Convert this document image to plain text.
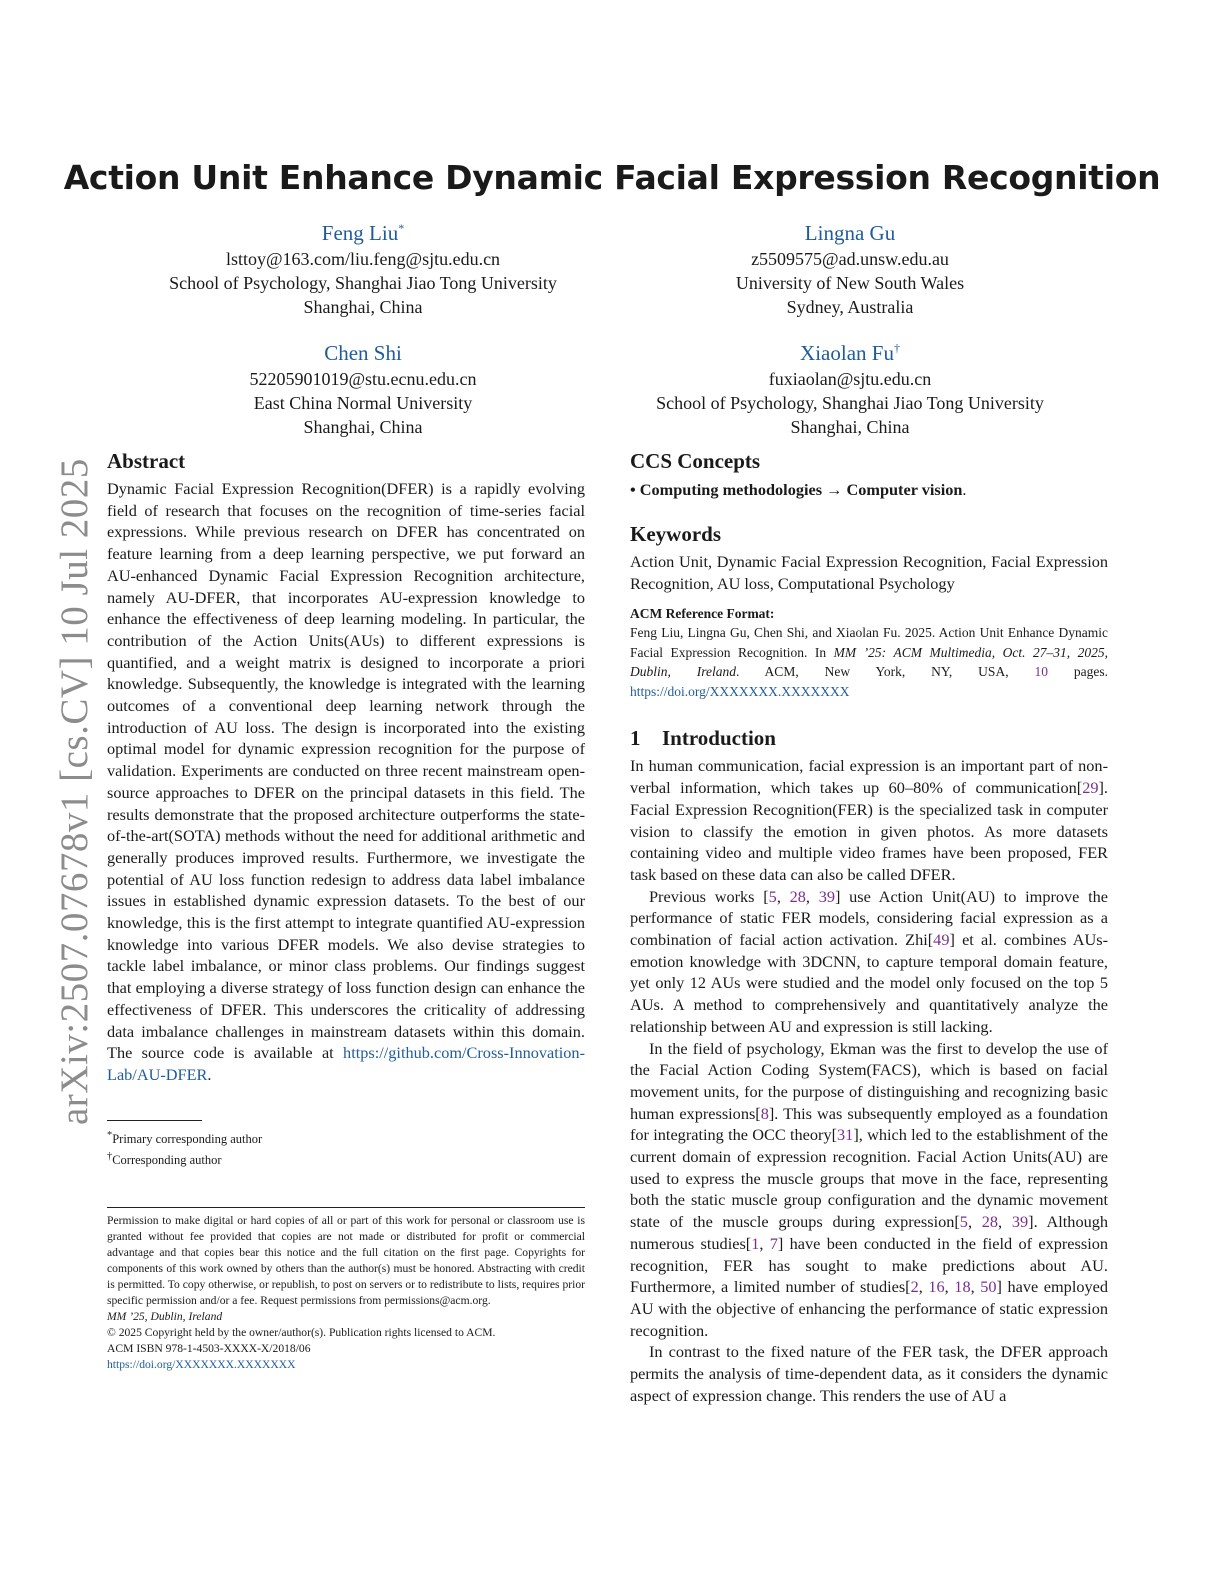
arXiv:2507.07678v1 [cs.CV] 10 Jul 2025
Action Unit Enhance Dynamic Facial Expression Recognition
Feng Liu*
lsttoy@163.com/liu.feng@sjtu.edu.cn
School of Psychology, Shanghai Jiao Tong University
Shanghai, China
Lingna Gu
z5509575@ad.unsw.edu.au
University of New South Wales
Sydney, Australia
Chen Shi
52205901019@stu.ecnu.edu.cn
East China Normal University
Shanghai, China
Xiaolan Fu†
fuxiaolan@sjtu.edu.cn
School of Psychology, Shanghai Jiao Tong University
Shanghai, China
Abstract

Dynamic Facial Expression Recognition(DFER) is a rapidly evolving field of research that focuses on the recognition of time-series facial expressions. While previous research on DFER has concentrated on feature learning from a deep learning perspective, we put forward an AU-enhanced Dynamic Facial Expression Recognition architecture, namely AU-DFER, that incorporates AU-expression knowledge to enhance the effectiveness of deep learning modeling. In particular, the contribution of the Action Units(AUs) to different expressions is quantified, and a weight matrix is designed to incorporate a priori knowledge. Subsequently, the knowledge is integrated with the learning outcomes of a conventional deep learning network through the introduction of AU loss. The design is incorporated into the existing optimal model for dynamic expression recognition for the purpose of validation. Experiments are conducted on three recent mainstream open-source approaches to DFER on the principal datasets in this field. The results demonstrate that the proposed architecture outperforms the state-of-the-art(SOTA) methods without the need for additional arithmetic and generally produces improved results. Furthermore, we investigate the potential of AU loss function redesign to address data label imbalance issues in established dynamic expression datasets. To the best of our knowledge, this is the first attempt to integrate quantified AU-expression knowledge into various DFER models. We also devise strategies to tackle label imbalance, or minor class problems. Our findings suggest that employing a diverse strategy of loss function design can enhance the effectiveness of DFER. This underscores the criticality of addressing data imbalance challenges in mainstream datasets within this domain. The source code is available at https://github.com/Cross-Innovation-Lab/AU-DFER.

*Primary corresponding author

†Corresponding author

Permission to make digital or hard copies of all or part of this work for personal or classroom use is granted without fee provided that copies are not made or distributed for profit or commercial advantage and that copies bear this notice and the full citation on the first page. Copyrights for components of this work owned by others than the author(s) must be honored. Abstracting with credit is permitted. To copy otherwise, or republish, to post on servers or to redistribute to lists, requires prior specific permission and/or a fee. Request permissions from permissions@acm.org.

MM ’25, Dublin, Ireland

© 2025 Copyright held by the owner/author(s). Publication rights licensed to ACM.

ACM ISBN 978-1-4503-XXXX-X/2018/06

https://doi.org/XXXXXXX.XXXXXXX

CCS Concepts

• Computing methodologies → Computer vision.

Keywords

Action Unit, Dynamic Facial Expression Recognition, Facial Expression Recognition, AU loss, Computational Psychology

ACM Reference Format:

Feng Liu, Lingna Gu, Chen Shi, and Xiaolan Fu. 2025. Action Unit Enhance Dynamic Facial Expression Recognition. In MM ’25: ACM Multimedia, Oct. 27–31, 2025, Dublin, Ireland. ACM, New York, NY, USA, 10 pages. https://doi.org/XXXXXXX.XXXXXXX

1 Introduction

In human communication, facial expression is an important part of non-verbal information, which takes up 60–80% of communication[29]. Facial Expression Recognition(FER) is the specialized task in computer vision to classify the emotion in given photos. As more datasets containing video and multiple video frames have been proposed, FER task based on these data can also be called DFER.

Previous works [5, 28, 39] use Action Unit(AU) to improve the performance of static FER models, considering facial expression as a combination of facial action activation. Zhi[49] et al. combines AUs-emotion knowledge with 3DCNN, to capture temporal domain feature, yet only 12 AUs were studied and the model only focused on the top 5 AUs. A method to comprehensively and quantitatively analyze the relationship between AU and expression is still lacking.

In the field of psychology, Ekman was the first to develop the use of the Facial Action Coding System(FACS), which is based on facial movement units, for the purpose of distinguishing and recognizing basic human expressions[8]. This was subsequently employed as a foundation for integrating the OCC theory[31], which led to the establishment of the current domain of expression recognition. Facial Action Units(AU) are used to express the muscle groups that move in the face, representing both the static muscle group configuration and the dynamic movement state of the muscle groups during expression[5, 28, 39]. Although numerous studies[1, 7] have been conducted in the field of expression recognition, FER has sought to make predictions about AU. Furthermore, a limited number of studies[2, 16, 18, 50] have employed AU with the objective of enhancing the performance of static expression recognition.

In contrast to the fixed nature of the FER task, the DFER approach permits the analysis of time-dependent data, as it considers the dynamic aspect of expression change. This renders the use of AU a
